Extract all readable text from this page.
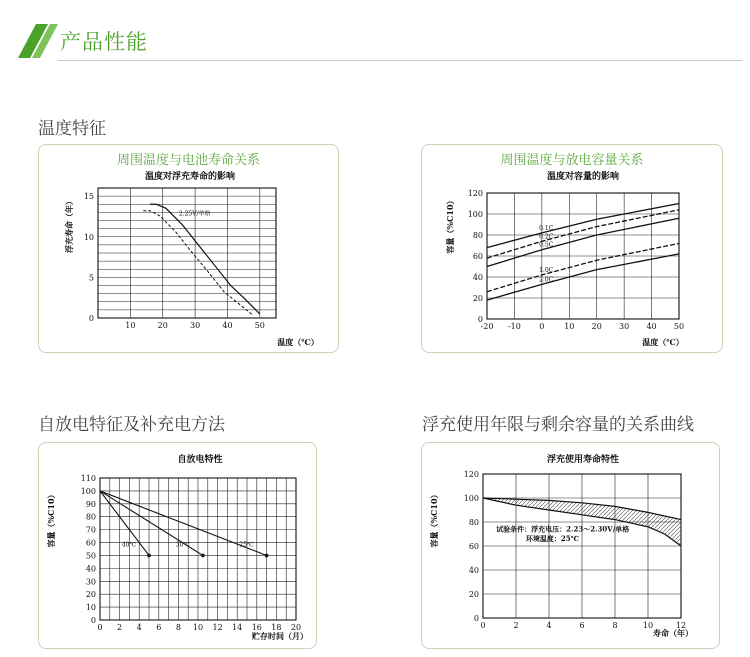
产品性能
温度特征
自放电特征及补充电方法	浮充使用年限与剩余容量的关系曲线
周围温度与电池寿命关系	周围温度与放电容量关系
温度对浮充寿命的影响
10	20	30	40	50
0
5
10
15
温度（℃）
浮充寿命（年）	2.25V/单格
温度对容量的影响
-20 -10 0 10 20 30 40 50
0
20
40
60
80
100
120
温度（℃）
容量（%C10）	0.1C
0.2C
0.5C
1.0C
2.0C
自放电特性
0 2 4 6 8 10 12 14 16 18 20
0
10
20
30
40
50
60
70
80
90
100
110
贮存时间（月）
容量（%C10）	40℃	30℃	25℃
浮充使用寿命特性
0	2	4	6	8	10	12
0
20
40
60
80
100
120
寿命（年）
容量（%C10）	试验条件：浮充电压：2.23～2.30V/单格
环境温度：25℃
